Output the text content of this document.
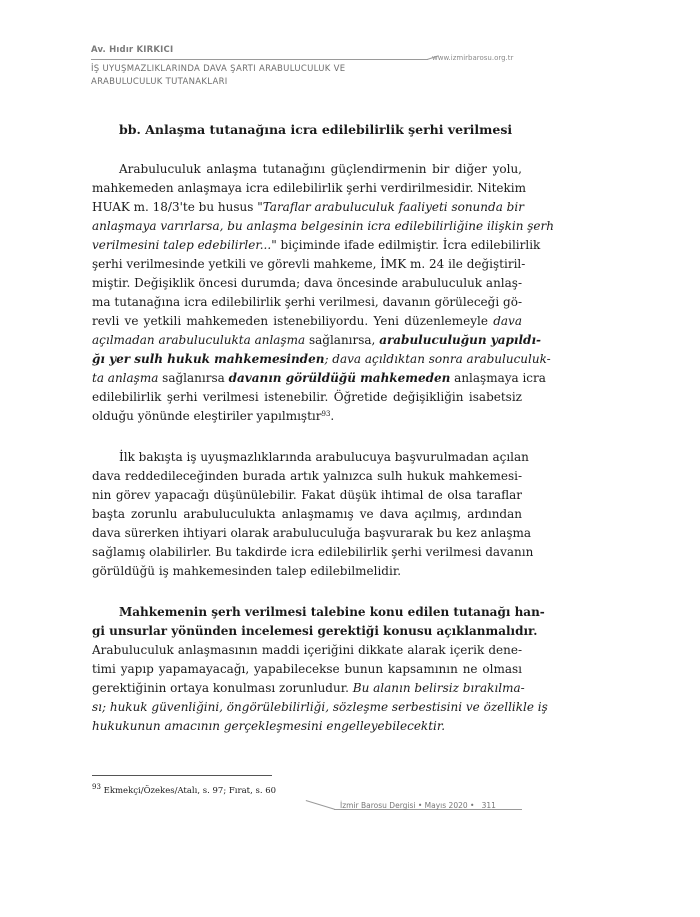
Av. Hıdır KIRKICI
www.izmirbarosu.org.tr
İŞ UYUŞMAZLIKLARINDA DAVA ŞARTI ARABULUCULUK VE
ARABULUCULUK TUTANAKLARI
bb. Anlaşma tutanağına icra edilebilirlik şerhi verilmesi
Arabuluculuk anlaşma tutanağını güçlendirmenin bir diğer yolu,
mahkemeden anlaşmaya icra edilebilirlik şerhi verdirilmesidir. Nitekim
HUAK m. 18/3'te bu husus "Taraflar arabuluculuk faaliyeti sonunda bir
anlaşmaya varırlarsa, bu anlaşma belgesinin icra edilebilirliğine ilişkin şerh
verilmesini talep edebilirler..." biçiminde ifade edilmiştir. İcra edilebilirlik
şerhi verilmesinde yetkili ve görevli mahkeme, İMK m. 24 ile değiştiril-
miştir. Değişiklik öncesi durumda; dava öncesinde arabuluculuk anlaş-
ma tutanağına icra edilebilirlik şerhi verilmesi, davanın görüleceği gö-
revli ve yetkili mahkemeden istenebiliyordu. Yeni düzenlemeyle dava
açılmadan arabuluculukta anlaşma sağlanırsa, arabuluculuğun yapıldı-
ğı yer sulh hukuk mahkemesinden; dava açıldıktan sonra arabuluculuk-
ta anlaşma sağlanırsa davanın görüldüğü mahkemeden anlaşmaya icra
edilebilirlik şerhi verilmesi istenebilir. Öğretide değişikliğin isabetsiz
olduğu yönünde eleştiriler yapılmıştır$^{93}$.
İlk bakışta iş uyuşmazlıklarında arabulucuya başvurulmadan açılan
dava reddedileceğinden burada artık yalnızca sulh hukuk mahkemesi-
nin görev yapacağı düşünülebilir. Fakat düşük ihtimal de olsa taraflar
başta zorunlu arabuluculukta anlaşmamış ve dava açılmış, ardından
dava sürerken ihtiyari olarak arabuluculuğa başvurarak bu kez anlaşma
sağlamış olabilirler. Bu takdirde icra edilebilirlik şerhi verilmesi davanın
görüldüğü iş mahkemesinden talep edilebilmelidir.
Mahkemenin şerh verilmesi talebine konu edilen tutanağı han-
gi unsurlar yönünden incelemesi gerektiği konusu açıklanmalıdır.
Arabuluculuk anlaşmasının maddi içeriğini dikkate alarak içerik dene-
timi yapıp yapamayacağı, yapabilecekse bunun kapsamının ne olması
gerektiğinin ortaya konulması zorunludur. Bu alanın belirsiz bırakılma-
sı; hukuk güvenliğini, öngörülebilirliği, sözleşme serbestisini ve özellikle iş
hukukunun amacının gerçekleşmesini engelleyebilecektir.
$^{93}$ Ekmekçi/Özekes/Atalı, s. 97; Fırat, s. 60
İzmir Barosu Dergisi • Mayıs 2020 • 311
